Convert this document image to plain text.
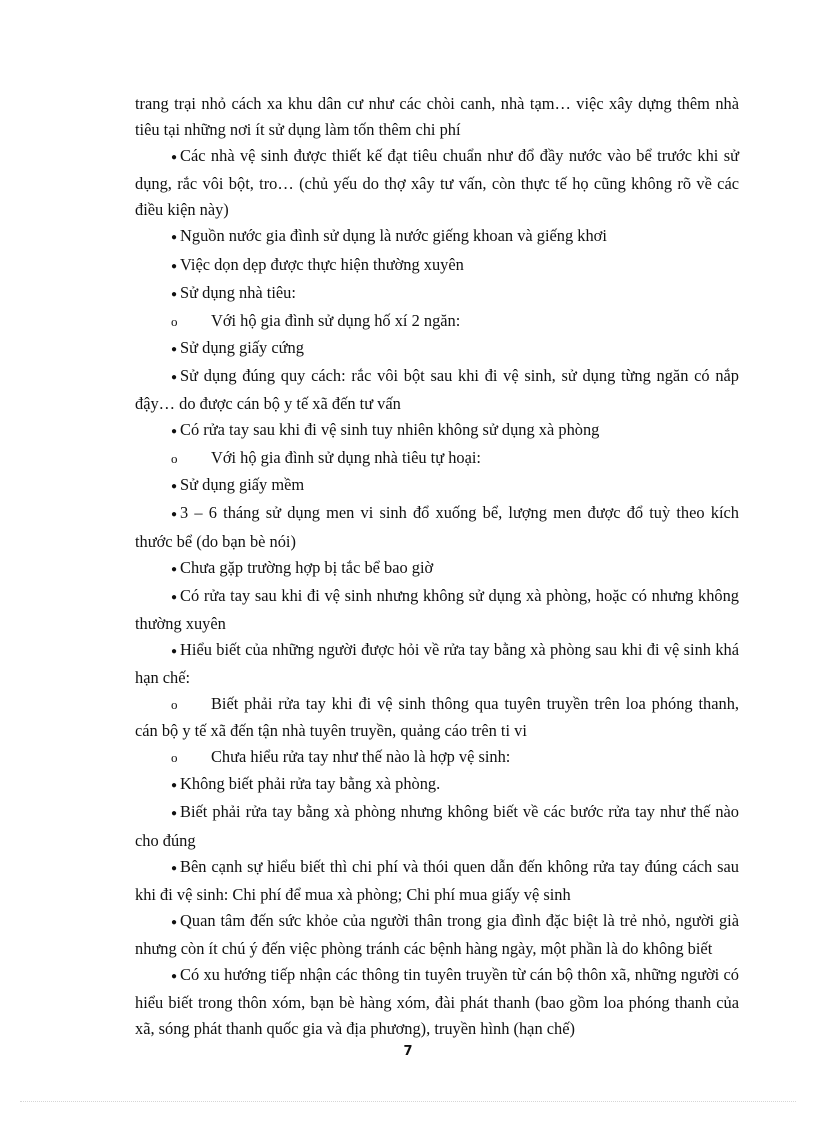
trang trại nhỏ cách xa khu dân cư như các chòi canh, nhà tạm… việc xây dựng thêm nhà tiêu tại những nơi ít sử dụng làm tốn thêm chi phí

● Các nhà vệ sinh được thiết kế đạt tiêu chuẩn như đổ đầy nước vào bể trước khi sử dụng, rắc vôi bột, tro… (chủ yếu do thợ xây tư vấn, còn thực tế họ cũng không rõ về các điều kiện này)

● Nguồn nước gia đình sử dụng là nước giếng khoan và giếng khơi

● Việc dọn dẹp được thực hiện thường xuyên

● Sử dụng nhà tiêu:

o Với hộ gia đình sử dụng hố xí 2 ngăn:

● Sử dụng giấy cứng

● Sử dụng đúng quy cách: rắc vôi bột sau khi đi vệ sinh, sử dụng từng ngăn có nắp đậy… do được cán bộ y tế xã đến tư vấn

● Có rửa tay sau khi đi vệ sinh tuy nhiên không sử dụng xà phòng

o Với hộ gia đình sử dụng nhà tiêu tự hoại:

● Sử dụng giấy mềm

● 3 – 6 tháng sử dụng men vi sinh đổ xuống bể, lượng men được đổ tuỳ theo kích thước bể (do bạn bè nói)

● Chưa gặp trường hợp bị tắc bể bao giờ

● Có rửa tay sau khi đi vệ sinh nhưng không sử dụng xà phòng, hoặc có nhưng không thường xuyên

● Hiểu biết của những người được hỏi về rửa tay bằng xà phòng sau khi đi vệ sinh khá hạn chế:

o Biết phải rửa tay khi đi vệ sinh thông qua tuyên truyền trên loa phóng thanh, cán bộ y tế xã đến tận nhà tuyên truyền, quảng cáo trên ti vi

o Chưa hiểu rửa tay như thế nào là hợp vệ sinh:

● Không biết phải rửa tay bằng xà phòng.

● Biết phải rửa tay bằng xà phòng nhưng không biết về các bước rửa tay như thế nào cho đúng

● Bên cạnh sự hiểu biết thì chi phí và thói quen dẫn đến không rửa tay đúng cách sau khi đi vệ sinh: Chi phí để mua xà phòng; Chi phí mua giấy vệ sinh

● Quan tâm đến sức khỏe của người thân trong gia đình đặc biệt là trẻ nhỏ, người già nhưng còn ít chú ý đến việc phòng tránh các bệnh hàng ngày, một phần là do không biết

● Có xu hướng tiếp nhận các thông tin tuyên truyền từ cán bộ thôn xã, những người có hiểu biết trong thôn xóm, bạn bè hàng xóm, đài phát thanh (bao gồm loa phóng thanh của xã, sóng phát thanh quốc gia và địa phương), truyền hình (hạn chế)

7
